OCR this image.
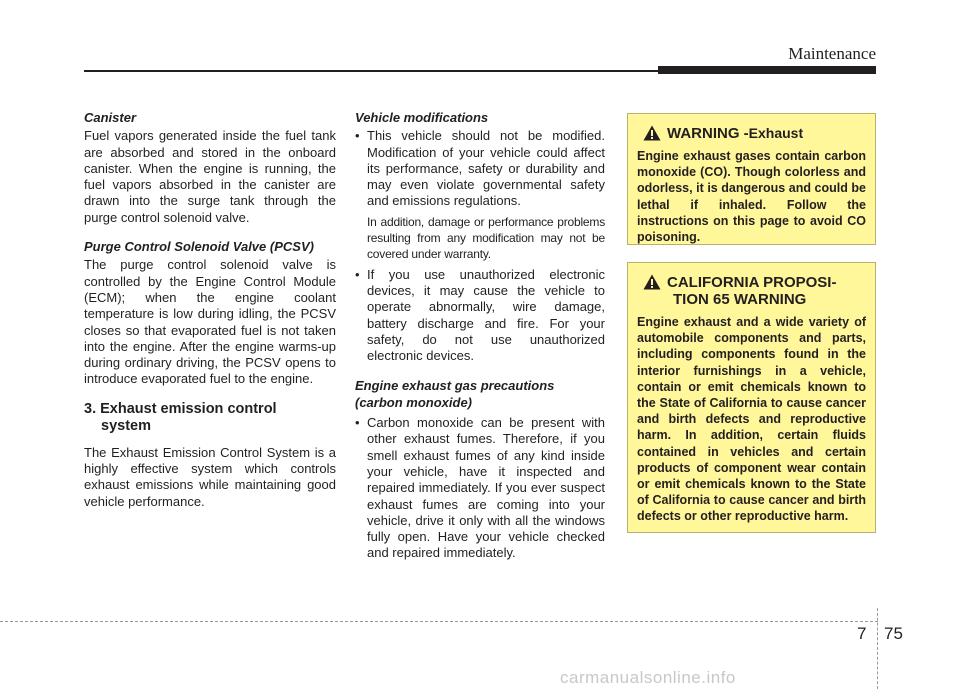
Maintenance
Canister
Fuel vapors generated inside the fuel tank are absorbed and stored in the onboard canister. When the engine is running, the fuel vapors absorbed in the canister are drawn into the surge tank through the purge control solenoid valve.
Purge Control Solenoid Valve (PCSV)
The purge control solenoid valve is controlled by the Engine Control Module (ECM); when the engine coolant temperature is low during idling, the PCSV closes so that evaporated fuel is not taken into the engine. After the engine warms-up during ordinary driving, the PCSV opens to introduce evaporated fuel to the engine.
3. Exhaust emission control
system
The Exhaust Emission Control System is a highly effective system which controls exhaust emissions while maintaining good vehicle performance.
Vehicle modifications
• This vehicle should not be modified. Modification of your vehicle could affect its performance, safety or durability and may even violate governmental safety and emissions regulations.
In addition, damage or performance problems resulting from any modification may not be covered under warranty.
• If you use unauthorized electronic devices, it may cause the vehicle to operate abnormally, wire damage, battery discharge and fire. For your safety, do not use unauthorized electronic devices.
Engine exhaust gas precautions
(carbon monoxide)
• Carbon monoxide can be present with other exhaust fumes. Therefore, if you smell exhaust fumes of any kind inside your vehicle, have it inspected and repaired immediately. If you ever suspect exhaust fumes are coming into your vehicle, drive it only with all the windows fully open. Have your vehicle checked and repaired immediately.
WARNING - Exhaust
Engine exhaust gases contain carbon monoxide (CO). Though colorless and odorless, it is dangerous and could be lethal if inhaled. Follow the instructions on this page to avoid CO poisoning.
CALIFORNIA PROPOSI-
TION 65 WARNING
Engine exhaust and a wide variety of automobile components and parts, including components found in the interior furnishings in a vehicle, contain or emit chemicals known to the State of California to cause cancer and birth defects and reproductive harm. In addition, certain fluids contained in vehicles and certain products of component wear contain or emit chemicals known to the State of California to cause cancer and birth defects or other reproductive harm.
7 75
carmanualsonline.info
